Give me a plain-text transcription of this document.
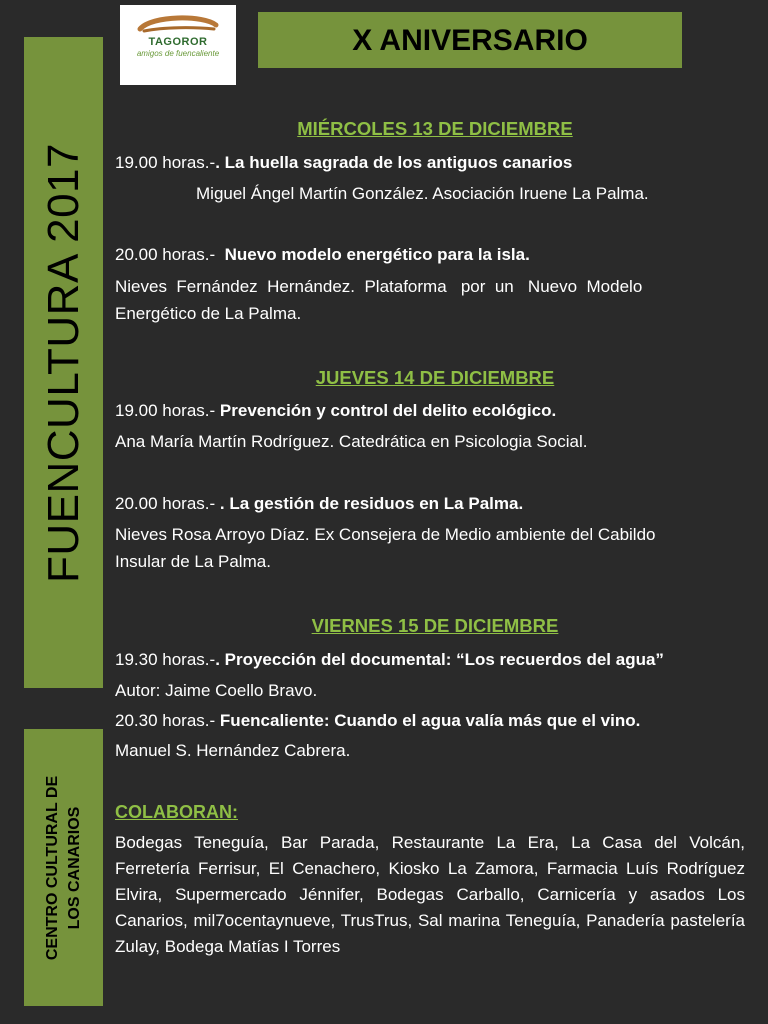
TAGOROR
amigos de fuencaliente	X ANIVERSARIO
FUENCULTURA 2017
CENTRO CULTURAL DE LOS CANARIOS
MIÉRCOLES 13 DE DICIEMBRE
19.00 horas.-. La huella sagrada de los antiguos canarios
Miguel Ángel Martín González. Asociación Iruene La Palma.
20.00 horas.- Nuevo modelo energético para la isla.
Nieves  Fernández  Hernández.  Plataforma   por  un   Nuevo  Modelo
Energético de La Palma.
JUEVES 14 DE DICIEMBRE
19.00 horas.- Prevención y control del delito ecológico.
Ana María Martín Rodríguez. Catedrática en Psicologia Social.
20.00 horas.- . La gestión de residuos en La Palma.
Nieves Rosa Arroyo Díaz. Ex Consejera de Medio ambiente del Cabildo
Insular de La Palma.
VIERNES 15 DE DICIEMBRE
19.30 horas.-. Proyección del documental: “Los recuerdos del agua”
Autor: Jaime Coello Bravo.
20.30 horas.- Fuencaliente: Cuando el agua valía más que el vino.
Manuel S. Hernández Cabrera.
COLABORAN:
Bodegas Teneguía, Bar Parada, Restaurante La Era, La Casa del Volcán, Ferretería Ferrisur, El Cenachero, Kiosko La Zamora, Farmacia Luís Rodríguez Elvira, Supermercado Jénnifer, Bodegas Carballo, Carnicería y asados Los Canarios, mil7ocentaynueve, TrusTrus, Sal marina Teneguía, Panadería pastelería Zulay, Bodega Matías I Torres
